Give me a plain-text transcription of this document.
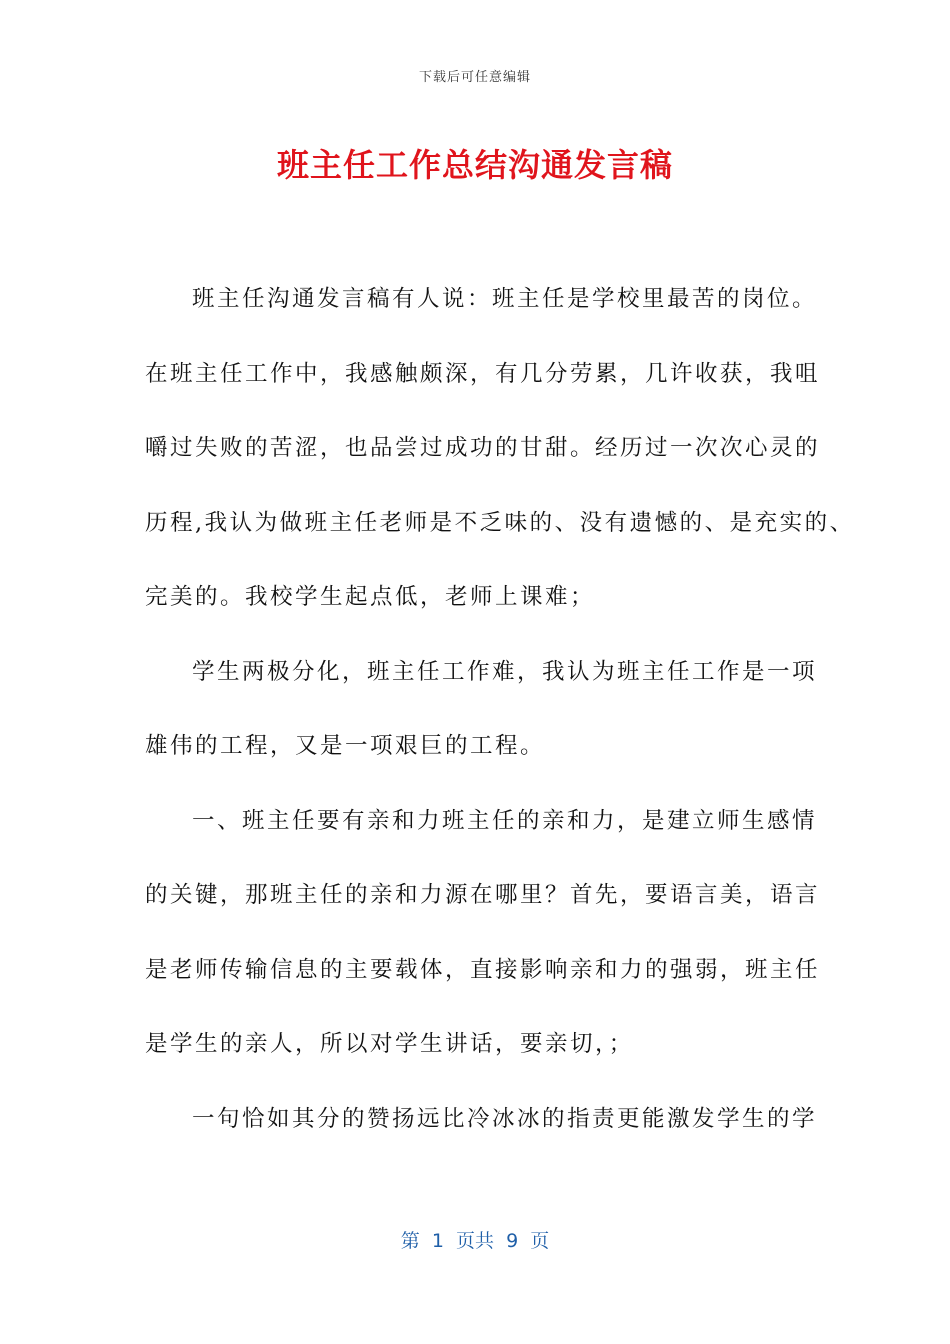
下载后可任意编辑
班主任工作总结沟通发言稿
班主任沟通发言稿有人说：班主任是学校里最苦的岗位。
在班主任工作中，我感触颇深，有几分劳累，几许收获，我咀
嚼过失败的苦涩，也品尝过成功的甘甜。经历过一次次心灵的
历程,我认为做班主任老师是不乏味的、没有遗憾的、是充实的、
完美的。我校学生起点低，老师上课难；
学生两极分化，班主任工作难，我认为班主任工作是一项
雄伟的工程，又是一项艰巨的工程。
一、班主任要有亲和力班主任的亲和力，是建立师生感情
的关键，那班主任的亲和力源在哪里？首先，要语言美，语言
是老师传输信息的主要载体，直接影响亲和力的强弱，班主任
是学生的亲人，所以对学生讲话，要亲切，；
一句恰如其分的赞扬远比冷冰冰的指责更能激发学生的学
第  1  页共  9  页
